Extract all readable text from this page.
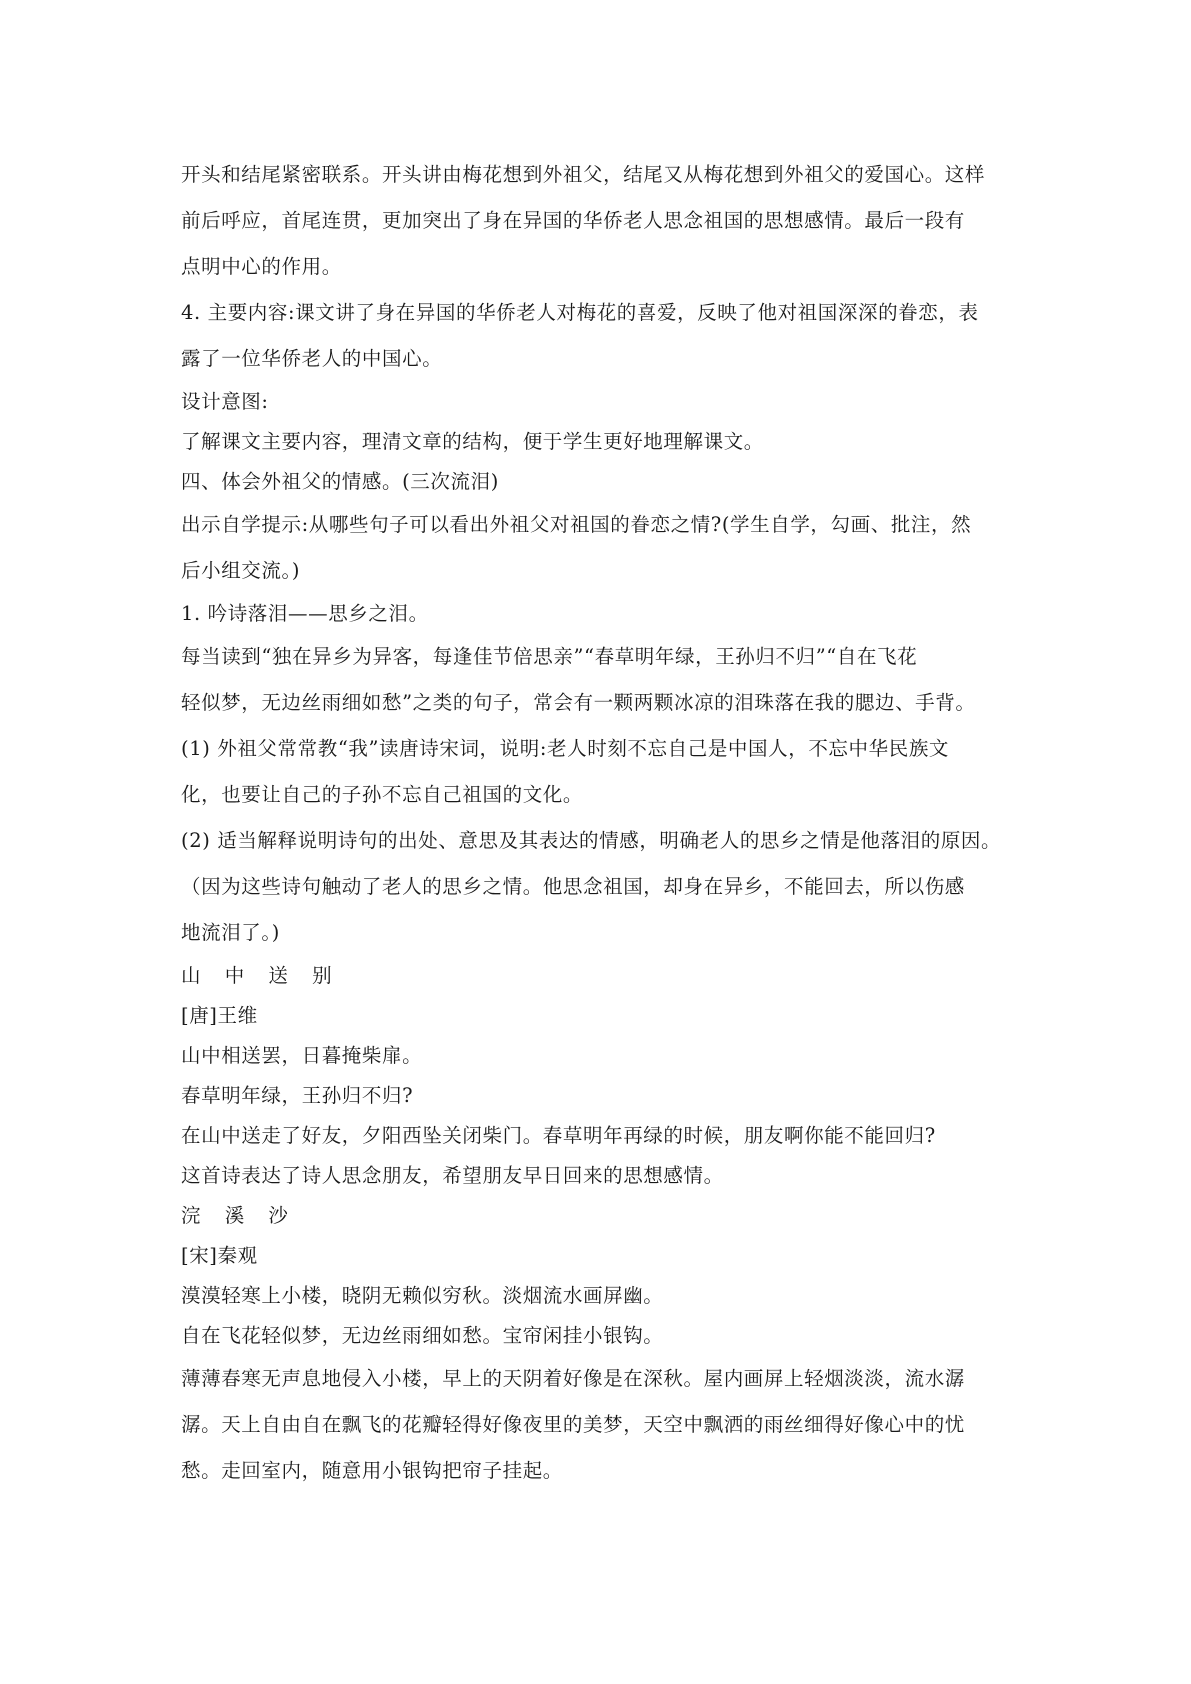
开头和结尾紧密联系。开头讲由梅花想到外祖父，结尾又从梅花想到外祖父的爱国心。这样
前后呼应，首尾连贯，更加突出了身在异国的华侨老人思念祖国的思想感情。最后一段有
点明中心的作用。
4. 主要内容:课文讲了身在异国的华侨老人对梅花的喜爱，反映了他对祖国深深的眷恋，表
露了一位华侨老人的中国心。
设计意图:
了解课文主要内容，理清文章的结构，便于学生更好地理解课文。
四、体会外祖父的情感。(三次流泪)
出示自学提示:从哪些句子可以看出外祖父对祖国的眷恋之情?(学生自学，勾画、批注，然
后小组交流。)
1. 吟诗落泪——思乡之泪。
每当读到“独在异乡为异客，每逢佳节倍思亲”“春草明年绿，王孙归不归”“自在飞花
轻似梦，无边丝雨细如愁”之类的句子，常会有一颗两颗冰凉的泪珠落在我的腮边、手背。
(1) 外祖父常常教“我”读唐诗宋词，说明:老人时刻不忘自己是中国人，不忘中华民族文
化，也要让自己的子孙不忘自己祖国的文化。
(2) 适当解释说明诗句的出处、意思及其表达的情感，明确老人的思乡之情是他落泪的原因。
（因为这些诗句触动了老人的思乡之情。他思念祖国，却身在异乡，不能回去，所以伤感
地流泪了。)
山 中 送 别
[唐]王维
山中相送罢，日暮掩柴扉。
春草明年绿，王孙归不归?
在山中送走了好友，夕阳西坠关闭柴门。春草明年再绿的时候，朋友啊你能不能回归?
这首诗表达了诗人思念朋友，希望朋友早日回来的思想感情。
浣 溪 沙
[宋]秦观
漠漠轻寒上小楼，晓阴无赖似穷秋。淡烟流水画屏幽。
自在飞花轻似梦，无边丝雨细如愁。宝帘闲挂小银钩。
薄薄春寒无声息地侵入小楼，早上的天阴着好像是在深秋。屋内画屏上轻烟淡淡，流水潺
潺。天上自由自在飘飞的花瓣轻得好像夜里的美梦，天空中飘洒的雨丝细得好像心中的忧
愁。走回室内，随意用小银钩把帘子挂起。
